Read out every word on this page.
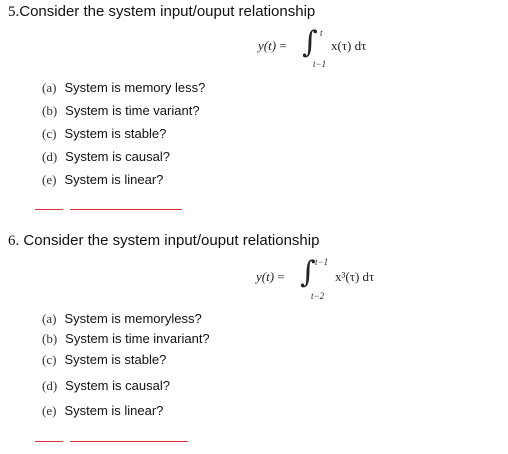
5.Consider the system input/ouput relationship
y(t) = ∫ t
t−1
x(τ) dτ
(a) System is memory less?
(b) System is time variant?
(c) System is stable?
(d) System is causal?
(e) System is linear?
6. Consider the system input/ouput relationship
y(t) = ∫ t−1
t−2
x³(τ) dτ
(a) System is memoryless?
(b) System is time invariant?
(c) System is stable?
(d) System is causal?
(e) System is linear?
